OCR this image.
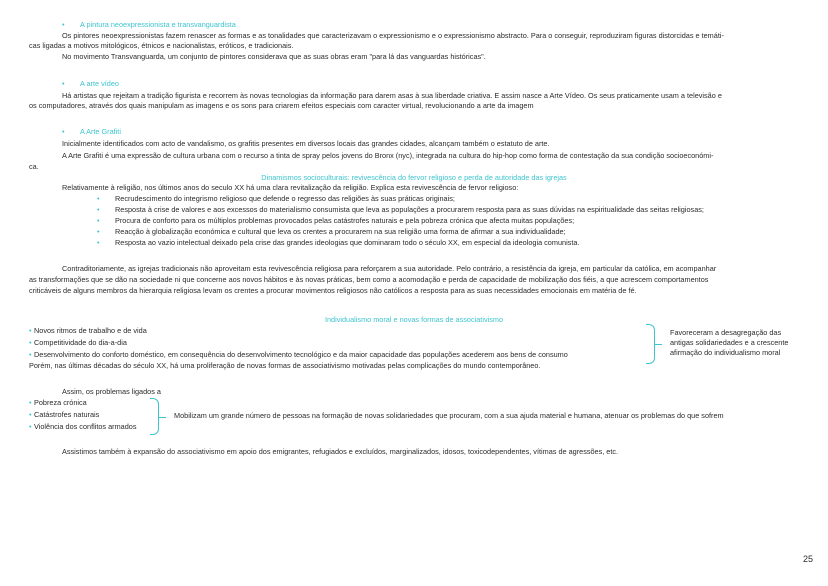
• A pintura neoexpressionista e transvanguardista
Os pintores neoexpressionistas fazem renascer as formas e as tonalidades que caracterizavam o expressionismo e o expressionismo abstracto. Para o conseguir, reproduziram figuras distorcidas e temáti-
cas ligadas a motivos mitológicos, étnicos e nacionalistas, eróticos, e tradicionais.
No movimento Transvanguarda, um conjunto de pintores considerava que as suas obras eram "para lá das vanguardas históricas".
• A arte vídeo
Há artistas que rejeitam a tradição figurista e recorrem às novas tecnologias da informação para darem asas à sua liberdade criativa. E assim nasce a Arte Vídeo. Os seus praticamente usam a televisão e
os computadores, através dos quais manipulam as imagens e os sons para criarem efeitos especiais com caracter virtual, revolucionando a arte da imagem
• A Arte Grafiti
Inicialmente identificados com acto de vandalismo, os grafitis presentes em diversos locais das grandes cidades, alcançam também o estatuto de arte.
A Arte Grafiti é uma expressão de cultura urbana com o recurso a tinta de spray pelos jovens do Bronx (nyc), integrada na cultura do hip-hop como forma de contestação da sua condição socioeconómi-
ca.
Dinamismos socioculturais: revivescência do fervor religioso e perda de autoridade das igrejas
Relativamente à religião, nos últimos anos do seculo XX há uma clara revitalização da religião. Explica esta revivescência de fervor religioso:
• Recrudescimento do integrismo religioso que defende o regresso das religiões às suas práticas originais;
• Resposta à crise de valores e aos excessos do materialismo consumista que leva as populações a procurarem resposta para as suas dúvidas na espiritualidade das seitas religiosas;
• Procura de conforto para os múltiplos problemas provocados pelas catástrofes naturais e pela pobreza crónica que afecta muitas populações;
• Reacção à globalização económica e cultural que leva os crentes a procurarem na sua religião uma forma de afirmar a sua individualidade;
• Resposta ao vazio intelectual deixado pela crise das grandes ideologias que dominaram todo o século XX, em especial da ideologia comunista.
Contraditoriamente, as igrejas tradicionais não aproveitam esta revivescência religiosa para reforçarem a sua autoridade. Pelo contrário, a resistência da igreja, em particular da católica, em acompanhar
as transformações que se dão na sociedade ni que concerne aos novos hábitos e às novas práticas, bem como a acomodação e perda de capacidade de mobilização dos fiéis, a que acrescem comportamentos
criticáveis de alguns membros da hierarquia religiosa levam os crentes a procurar movimentos religiosos não católicos a resposta para as suas necessidades emocionais em matéria de fé.
Individualismo moral e novas formas de associativismo
• Novos ritmos de trabalho e de vida
• Competitividade do dia-a-dia
• Desenvolvimento do conforto doméstico, em consequência do desenvolvimento tecnológico e da maior capacidade das populações acederem aos bens de consumo
Favoreceram a desagregação das
antigas solidariedades e a crescente
afirmação do individualismo moral
Porém, nas últimas décadas do século XX, há uma proliferação de novas formas de associativismo motivadas pelas complicações do mundo contemporâneo.
Assim, os problemas ligados a
• Pobreza crónica
• Catástrofes naturais
• Violência dos conflitos armados
Mobilizam um grande número de pessoas na formação de novas solidariedades que procuram, com a sua ajuda material e humana, atenuar os problemas do que sofrem
Assistimos também à expansão do associativismo em apoio dos emigrantes, refugiados e excluídos, marginalizados, idosos, toxicodependentes, vítimas de agressões, etc.
25
